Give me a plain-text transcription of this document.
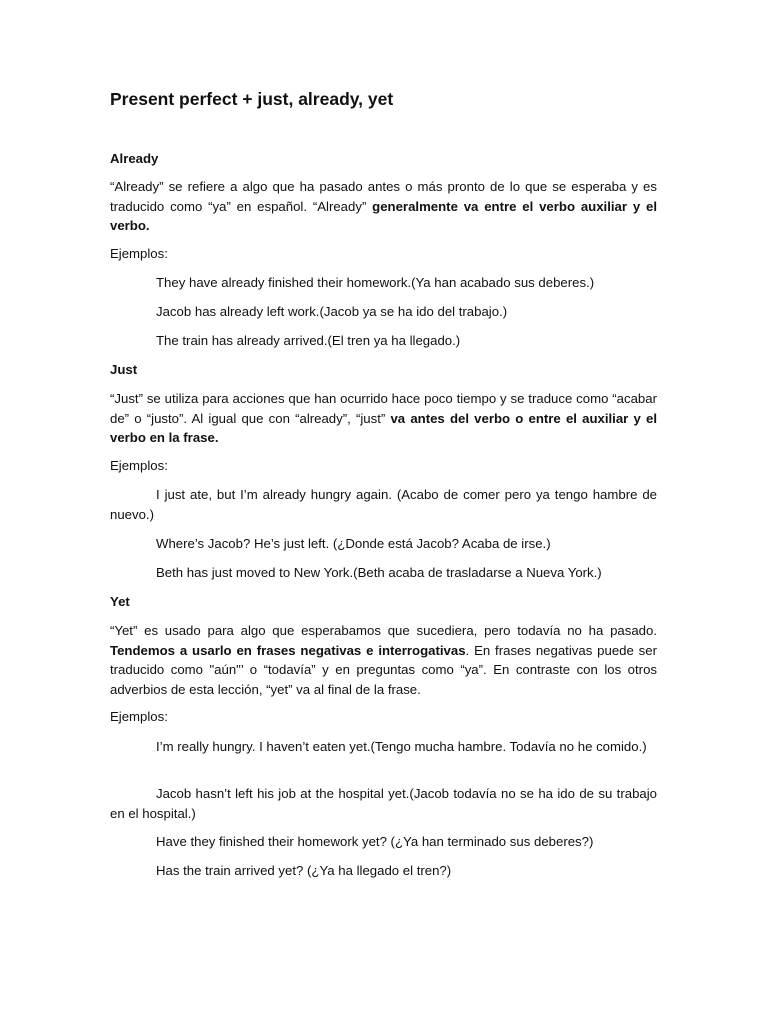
Present perfect + just, already, yet

Already

“Already” se refiere a algo que ha pasado antes o más pronto de lo que se esperaba y es traducido como “ya” en español. “Already” generalmente va entre el verbo auxiliar y el verbo.

Ejemplos:

They have already finished their homework.(Ya han acabado sus deberes.)

Jacob has already left work.(Jacob ya se ha ido del trabajo.)

The train has already arrived.(El tren ya ha llegado.)

Just

“Just” se utiliza para acciones que han ocurrido hace poco tiempo y se traduce como “acabar de” o “justo”. Al igual que con “already”, “just” va antes del verbo o entre el auxiliar y el verbo en la frase.

Ejemplos:

I just ate, but I’m already hungry again. (Acabo de comer pero ya tengo hambre de nuevo.)

Where’s Jacob? He’s just left. (¿Donde está Jacob? Acaba de irse.)

Beth has just moved to New York.(Beth acaba de trasladarse a Nueva York.)

Yet

“Yet” es usado para algo que esperabamos que sucediera, pero todavía no ha pasado. Tendemos a usarlo en frases negativas e interrogativas. En frases negativas puede ser traducido como "aún"’ o “todavía” y en preguntas como “ya”. En contraste con los otros adverbios de esta lección, “yet” va al final de la frase.

Ejemplos:

I’m really hungry. I haven’t eaten yet.(Tengo mucha hambre. Todavía no he comido.)

Jacob hasn’t left his job at the hospital yet.(Jacob todavía no se ha ido de su trabajo en el hospital.)

Have they finished their homework yet? (¿Ya han terminado sus deberes?)

Has the train arrived yet? (¿Ya ha llegado el tren?)
